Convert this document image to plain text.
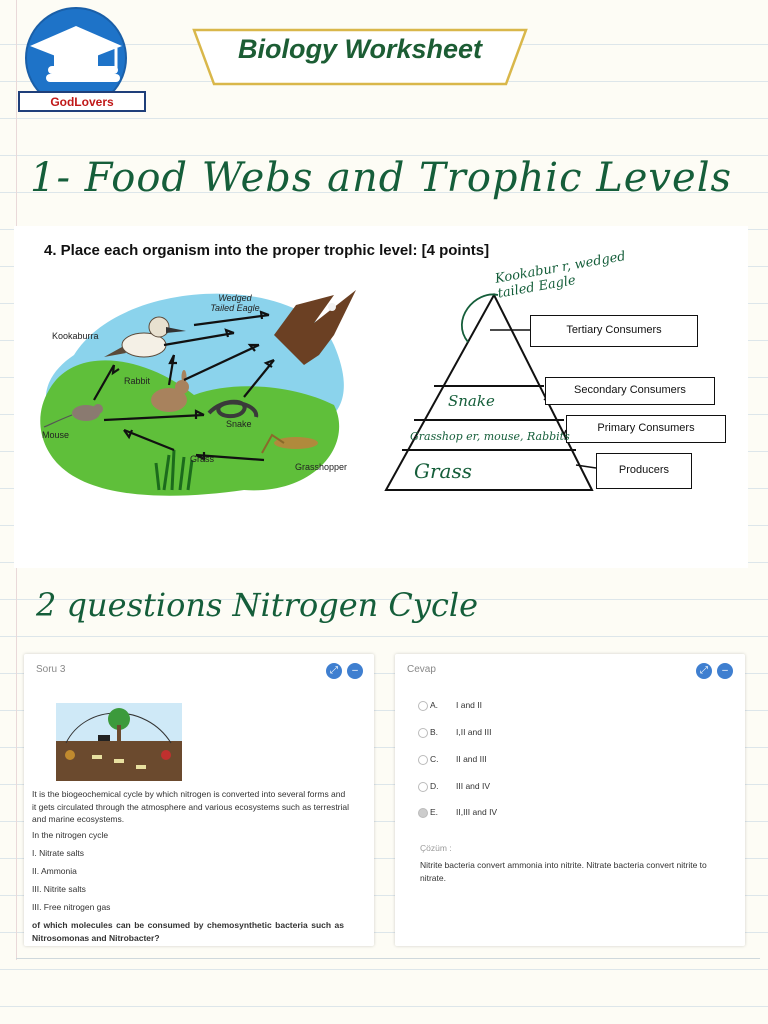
GodLovers
Biology Worksheet
1- Food Webs and Trophic Levels
4. Place each organism into the proper trophic level: [4 points]
Wedged Tailed Eagle
Kookaburra
Rabbit
Mouse
Snake
Grass
Grasshopper
Tertiary Consumers
Secondary Consumers
Primary Consumers
Producers
Kookabur r, wedged tailed Eagle
Snake
Grasshop er, mouse, Rabbits
Grass
2 questions Nitrogen Cycle
Soru 3	⤢	–
It is the biogeochemical cycle by which nitrogen is converted into several forms and it gets circulated through the atmosphere and various ecosystems such as terrestrial and marine ecosystems.
In the nitrogen cycle
I. Nitrate salts
II. Ammonia
III. Nitrite salts
III. Free nitrogen gas
of which molecules can be consumed by chemosynthetic bacteria such as Nitrosomonas and Nitrobacter?
Cevap	⤢	–
A. I and II
B. I,II and III
C. II and III
D. III and IV
E. II,III and IV
Çözüm :
Nitrite bacteria convert ammonia into nitrite. Nitrate bacteria convert nitrite to nitrate.
